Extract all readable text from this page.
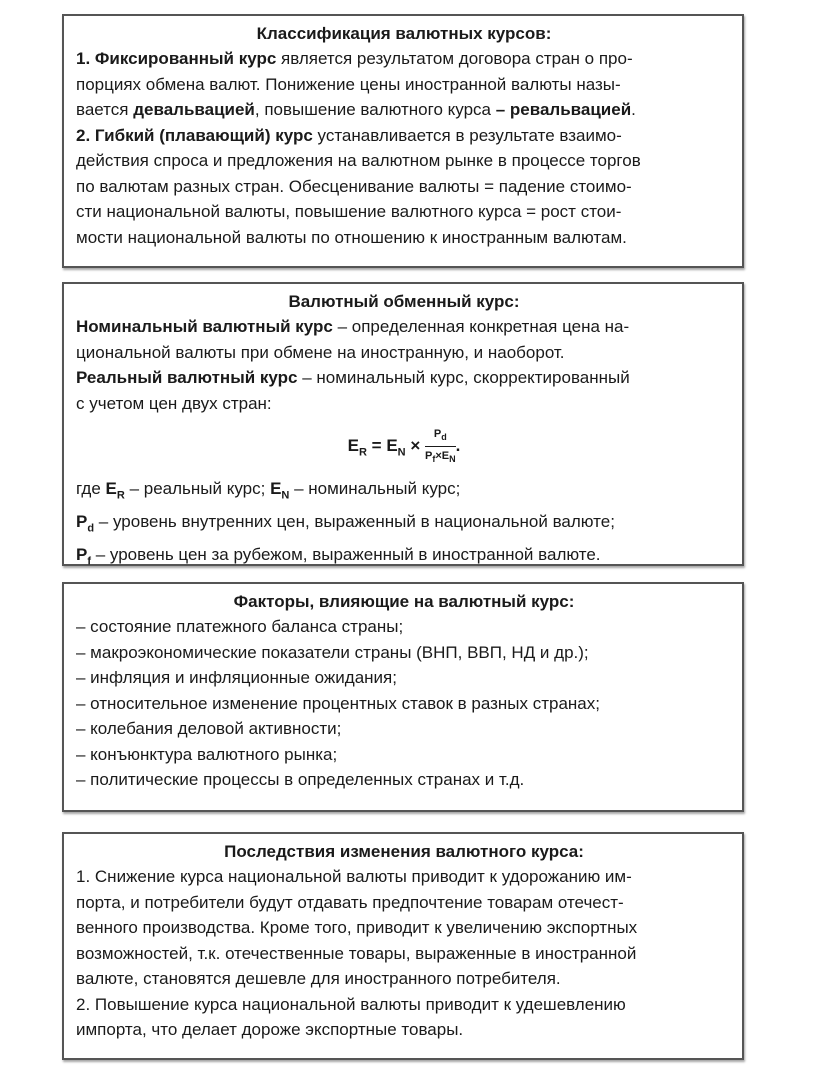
Классификация валютных курсов:
1. Фиксированный курс является результатом договора стран о про-
порциях обмена валют. Понижение цены иностранной валюты назы-
вается девальвацией, повышение валютного курса – ревальвацией.
2. Гибкий (плавающий) курс устанавливается в результате взаимо-
действия спроса и предложения на валютном рынке в процессе торгов
по валютам разных стран. Обесценивание валюты = падение стоимо-
сти национальной валюты, повышение валютного курса = рост стои-
мости национальной валюты по отношению к иностранным валютам.
Валютный обменный курс:
Номинальный валютный курс – определенная конкретная цена на-
циональной валюты при обмене на иностранную, и наоборот.
Реальный валютный курс – номинальный курс, скорректированный
с учетом цен двух стран:
$E_R = E_N \times \frac{P_d}{P_f\times E_N}$ .
где $E_R$ – реальный курс; $E_N$ – номинальный курс;
$P_d$ – уровень внутренних цен, выраженный в национальной валюте;
$P_f$ – уровень цен за рубежом, выраженный в иностранной валюте.
Факторы, влияющие на валютный курс:
– состояние платежного баланса страны;
– макроэкономические показатели страны (ВНП, ВВП, НД и др.);
– инфляция и инфляционные ожидания;
– относительное изменение процентных ставок в разных странах;
– колебания деловой активности;
– конъюнктура валютного рынка;
– политические процессы в определенных странах и т.д.
Последствия изменения валютного курса:
1. Снижение курса национальной валюты приводит к удорожанию им-
порта, и потребители будут отдавать предпочтение товарам отечест-
венного производства. Кроме того, приводит к увеличению экспортных
возможностей, т.к. отечественные товары, выраженные в иностранной
валюте, становятся дешевле для иностранного потребителя.
2. Повышение курса национальной валюты приводит к удешевлению
импорта, что делает дороже экспортные товары.
